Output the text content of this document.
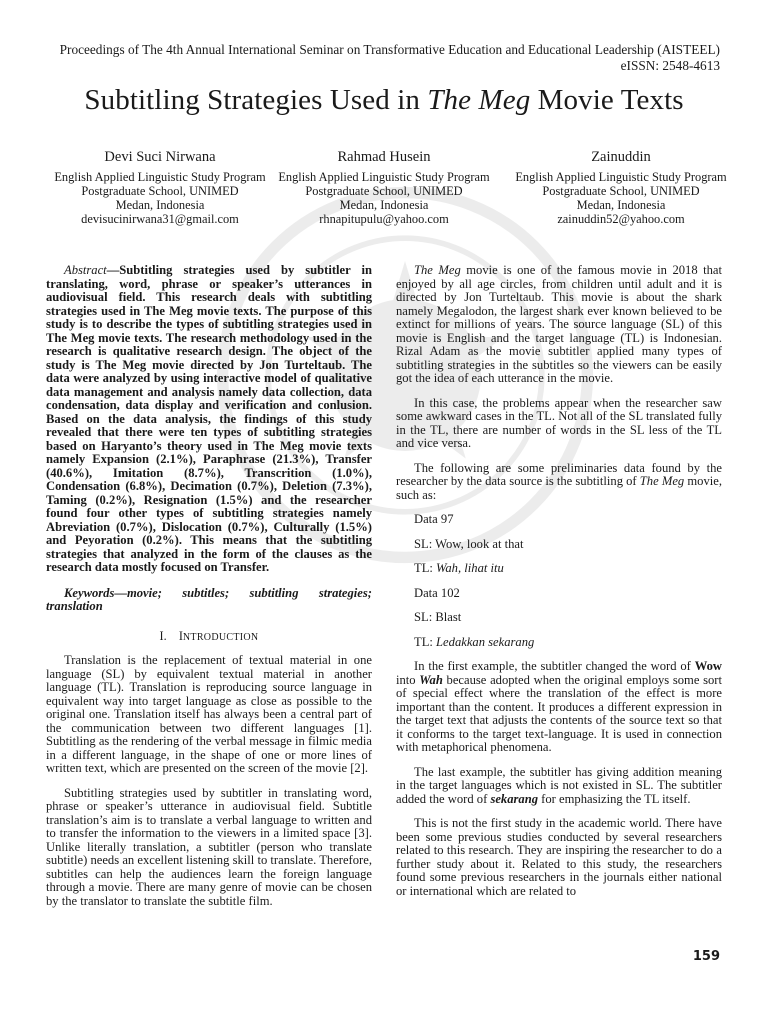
Proceedings of The 4th Annual International Seminar on Transformative Education and Educational Leadership (AISTEEL)
eISSN: 2548-4613
Subtitling Strategies Used in The Meg Movie Texts
Devi Suci Nirwana
English Applied Linguistic Study Program
Postgraduate School, UNIMED
Medan, Indonesia
devisucinirwana31@gmail.com
Rahmad Husein
English Applied Linguistic Study Program
Postgraduate School, UNIMED
Medan, Indonesia
rhnapitupulu@yahoo.com
Zainuddin
English Applied Linguistic Study Program
Postgraduate School, UNIMED
Medan, Indonesia
zainuddin52@yahoo.com

Abstract—Subtitling strategies used by subtitler in translating, word, phrase or speaker’s utterances in audiovisual field. This research deals with subtitling strategies used in The Meg movie texts. The purpose of this study is to describe the types of subtitling strategies used in The Meg movie texts. The research methodology used in the research is qualitative research design. The object of the study is The Meg movie directed by Jon Turteltaub. The data were analyzed by using interactive model of qualitative data management and analysis namely data collection, data condensation, data display and verification and conlusion. Based on the data analysis, the findings of this study revealed that there were ten types of subtitling strategies based on Haryanto’s theory used in The Meg movie texts namely Expansion (2.1%), Paraphrase (21.3%), Transfer (40.6%), Imitation (8.7%), Transcrition (1.0%), Condensation (6.8%), Decimation (0.7%), Deletion (7.3%), Taming (0.2%), Resignation (1.5%) and the researcher found four other types of subtitling strategies namely Abreviation (0.7%), Dislocation (0.7%), Culturally (1.5%) and Peyoration (0.2%). This means that the subtitling strategies that analyzed in the form of the clauses as the research data mostly focused on Transfer.

Keywords—movie; subtitles; subtitling strategies; translation

I. INTRODUCTION

Translation is the replacement of textual material in one language (SL) by equivalent textual material in another language (TL). Translation is reproducing source language in equivalent way into target language as close as possible to the original one. Translation itself has always been a central part of the communication between two different languages [1]. Subtitling as the rendering of the verbal message in filmic media in a different language, in the shape of one or more lines of written text, which are presented on the screen of the movie [2].

Subtitling strategies used by subtitler in translating word, phrase or speaker’s utterance in audiovisual field. Subtitle translation’s aim is to translate a verbal language to written and to transfer the information to the viewers in a limited space [3]. Unlike literally translation, a subtitler (person who translate subtitle) needs an excellent listening skill to translate. Therefore, subtitles can help the audiences learn the foreign language through a movie. There are many genre of movie can be chosen by the translator to translate the subtitle film.

The Meg movie is one of the famous movie in 2018 that enjoyed by all age circles, from children until adult and it is directed by Jon Turteltaub. This movie is about the shark namely Megalodon, the largest shark ever known believed to be extinct for millions of years. The source language (SL) of this movie is English and the target language (TL) is Indonesian. Rizal Adam as the movie subtitler applied many types of subtitling strategies in the subtitles so the viewers can be easily got the idea of each utterance in the movie.

In this case, the problems appear when the researcher saw some awkward cases in the TL. Not all of the SL translated fully in the TL, there are number of words in the SL less of the TL and vice versa.

The following are some preliminaries data found by the researcher by the data source is the subtitling of The Meg movie, such as:

Data 97

SL: Wow, look at that

TL: Wah, lihat itu

Data 102

SL: Blast

TL: Ledakkan sekarang

In the first example, the subtitler changed the word of Wow into Wah because adopted when the original employs some sort of special effect where the translation of the effect is more important than the content. It produces a different expression in the target text that adjusts the contents of the source text so that it conforms to the target text-language. It is used in connection with metaphorical phenomena.

The last example, the subtitler has giving addition meaning in the target languages which is not existed in SL. The subtitler added the word of sekarang for emphasizing the TL itself.

This is not the first study in the academic world. There have been some previous studies conducted by several researchers related to this research. They are inspiring the researcher to do a further study about it. Related to this study, the researchers found some previous researchers in the journals either national or international which are related to

159
